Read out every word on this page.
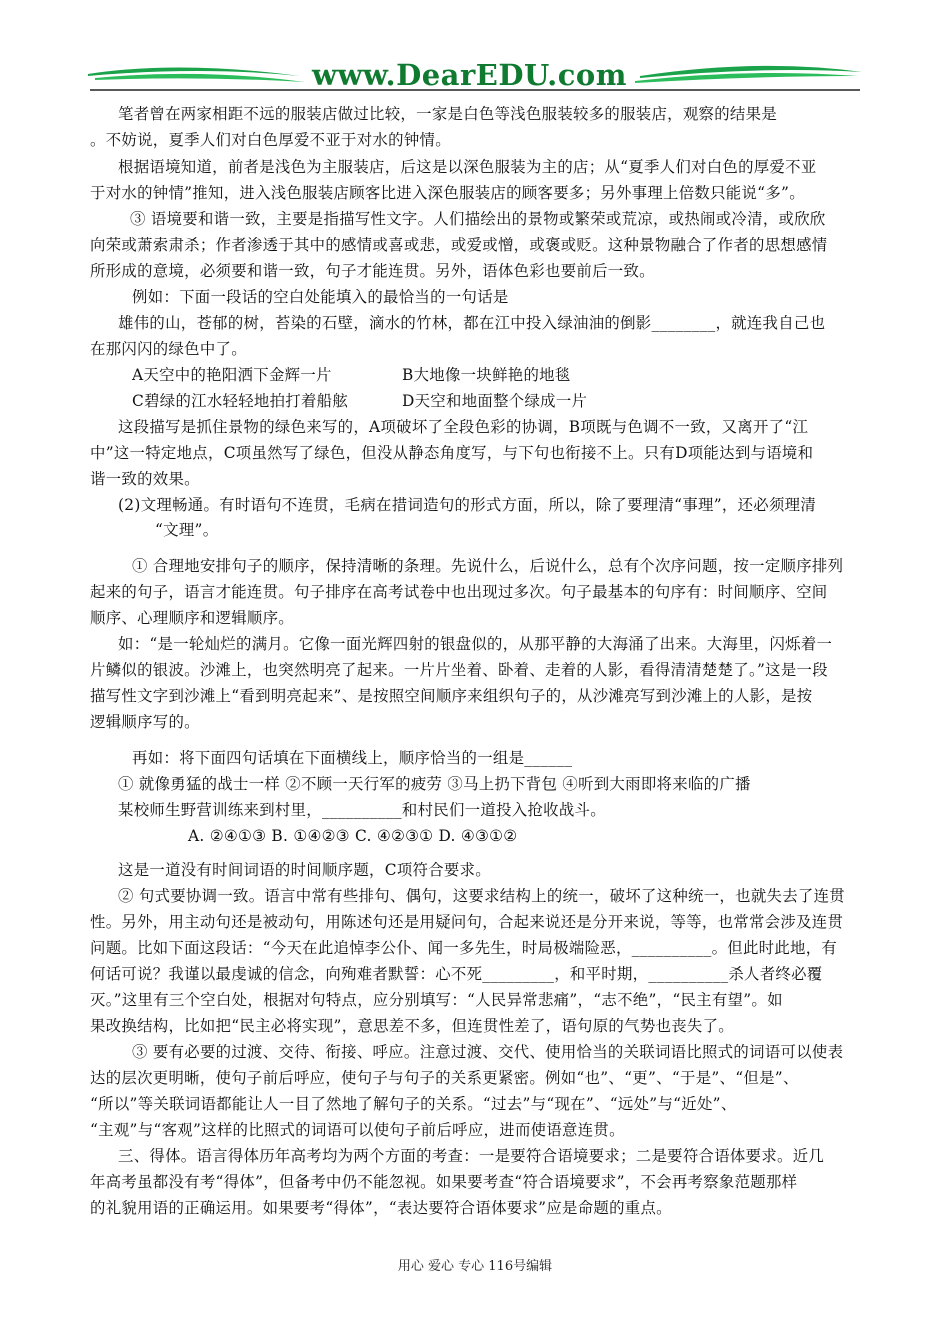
www.DearEDU.com
笔者曾在两家相距不远的服装店做过比较，一家是白色等浅色服装较多的服装店，观察的结果是
。不妨说，夏季人们对白色厚爱不亚于对水的钟情。
根据语境知道，前者是浅色为主服装店，后这是以深色服装为主的店；从“夏季人们对白色的厚爱不亚
于对水的钟情”推知，进入浅色服装店顾客比进入深色服装店的顾客要多；另外事理上倍数只能说“多”。
③ 语境要和谐一致，主要是指描写性文字。人们描绘出的景物或繁荣或荒凉，或热闹或冷清，或欣欣
向荣或萧索肃杀；作者渗透于其中的感情或喜或悲，或爱或憎，或褒或贬。这种景物融合了作者的思想感情
所形成的意境，必须要和谐一致，句子才能连贯。另外，语体色彩也要前后一致。
例如：下面一段话的空白处能填入的最恰当的一句话是
雄伟的山，苍郁的树，苔染的石壁，滴水的竹林，都在江中投入绿油油的倒影________，就连我自己也
在那闪闪的绿色中了。
A天空中的艳阳洒下金辉一片	B大地像一块鲜艳的地毯
C碧绿的江水轻轻地拍打着船舷	D天空和地面整个绿成一片
这段描写是抓住景物的绿色来写的，A项破坏了全段色彩的协调，B项既与色调不一致，又离开了“江
中”这一特定地点，C项虽然写了绿色，但没从静态角度写，与下句也衔接不上。只有D项能达到与语境和
谐一致的效果。
(2)文理畅通。有时语句不连贯，毛病在措词造句的形式方面，所以，除了要理清“事理”，还必须理清
“文理”。
① 合理地安排句子的顺序，保持清晰的条理。先说什么，后说什么，总有个次序问题，按一定顺序排列
起来的句子，语言才能连贯。句子排序在高考试卷中也出现过多次。句子最基本的句序有：时间顺序、空间
顺序、心理顺序和逻辑顺序。
如：“是一轮灿烂的满月。它像一面光辉四射的银盘似的，从那平静的大海涌了出来。大海里，闪烁着一
片鳞似的银波。沙滩上，也突然明亮了起来。一片片坐着、卧着、走着的人影，看得清清楚楚了。”这是一段
描写性文字到沙滩上“看到明亮起来”、是按照空间顺序来组织句子的，从沙滩亮写到沙滩上的人影，是按
逻辑顺序写的。
再如：将下面四句话填在下面横线上，顺序恰当的一组是______
① 就像勇猛的战士一样 ②不顾一天行军的疲劳 ③马上扔下背包 ④听到大雨即将来临的广播
某校师生野营训练来到村里，__________和村民们一道投入抢收战斗。
A. ②④①③ B. ①④②③ C. ④②③① D. ④③①②
这是一道没有时间词语的时间顺序题，C项符合要求。
② 句式要协调一致。语言中常有些排句、偶句，这要求结构上的统一，破坏了这种统一，也就失去了连贯
性。另外，用主动句还是被动句，用陈述句还是用疑问句，合起来说还是分开来说，等等，也常常会涉及连贯
问题。比如下面这段话：“今天在此追悼李公仆、闻一多先生，时局极端险恶，__________。但此时此地，有
何话可说？我谨以最虔诚的信念，向殉难者默誓：心不死_________，和平时期，__________杀人者终必覆
灭。”这里有三个空白处，根据对句特点，应分别填写：“人民异常悲痛”，“志不绝”，“民主有望”。如
果改换结构，比如把“民主必将实现”，意思差不多，但连贯性差了，语句原的气势也丧失了。
③ 要有必要的过渡、交待、衔接、呼应。注意过渡、交代、使用恰当的关联词语比照式的词语可以使表
达的层次更明晰，使句子前后呼应，使句子与句子的关系更紧密。例如“也”、“更”、“于是”、“但是”、
“所以”等关联词语都能让人一目了然地了解句子的关系。“过去”与“现在”、“远处”与“近处”、
“主观”与“客观”这样的比照式的词语可以使句子前后呼应，进而使语意连贯。
三、得体。语言得体历年高考均为两个方面的考查：一是要符合语境要求；二是要符合语体要求。近几
年高考虽都没有考“得体”，但备考中仍不能忽视。如果要考查“符合语境要求”，不会再考察象范题那样
的礼貌用语的正确运用。如果要考“得体”，“表达要符合语体要求”应是命题的重点。
用心 爱心 专心 116号编辑
